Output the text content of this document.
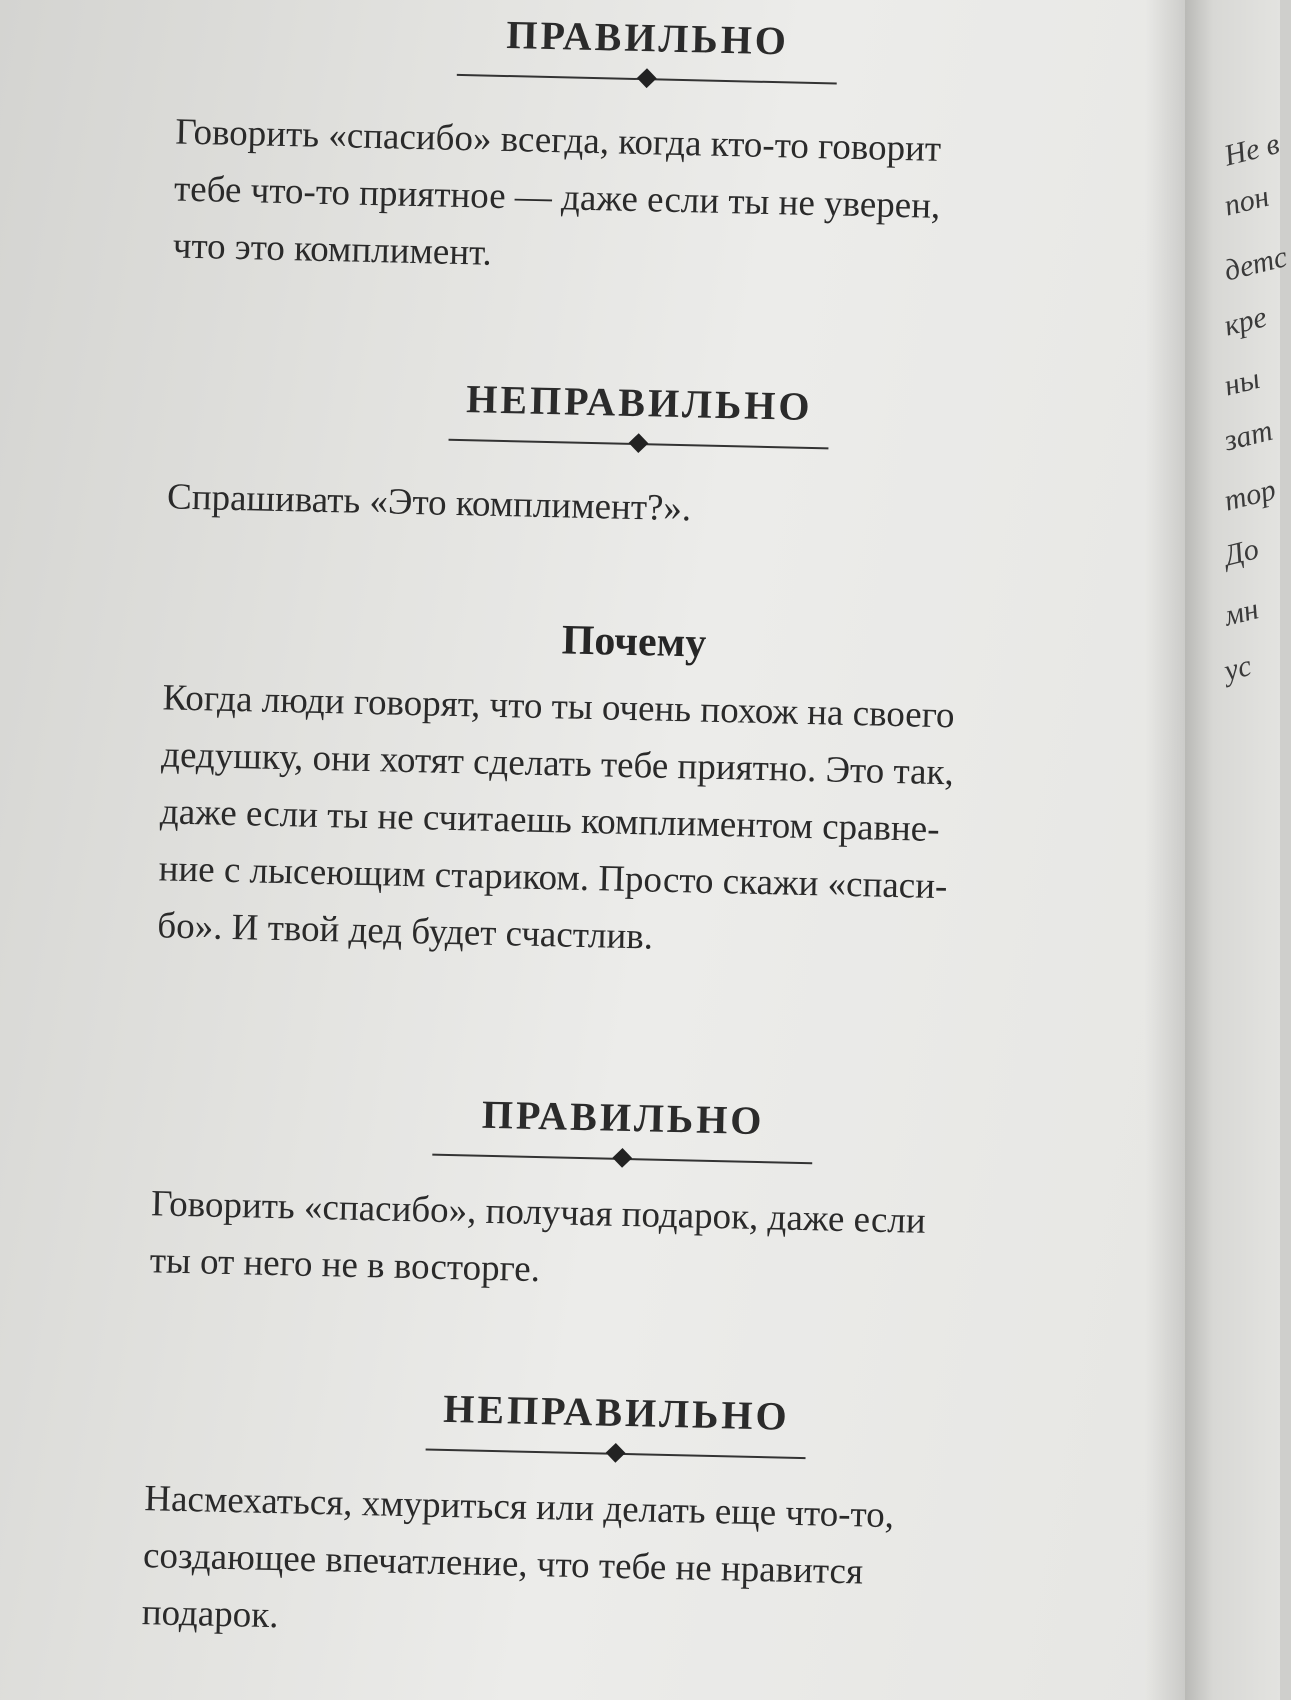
ПРАВИЛЬНО

Говорить «спасибо» всегда, когда кто-то говорит
тебе что-то приятное — даже если ты не уверен,
что это комплимент.

НЕПРАВИЛЬНО

Спрашивать «Это комплимент?».

Почему

Когда люди говорят, что ты очень похож на своего
дедушку, они хотят сделать тебе приятно. Это так,
даже если ты не считаешь комплиментом сравне-
ние с лысеющим стариком. Просто скажи «спаси-
бо». И твой дед будет счастлив.

ПРАВИЛЬНО

Говорить «спасибо», получая подарок, даже если
ты от него не в восторге.

НЕПРАВИЛЬНО

Насмехаться, хмуриться или делать еще что-то,
создающее впечатление, что тебе не нравится
подарок.

Не в
пон
детс
кре
ны
зат
тор
До
мн
ус
